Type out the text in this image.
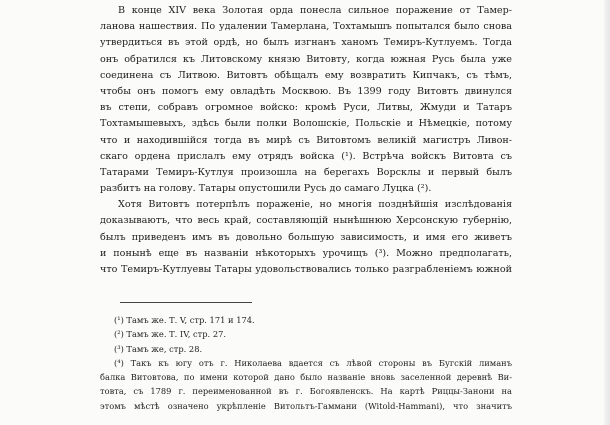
В конце XIV века Золотая орда понесла сильное поражение от Тамер-
ланова нашествия. По удалении Тамерлана, Тохтамышъ попытался было снова
утвердиться въ этой ордѣ, но былъ изгнанъ ханомъ Темиръ-Кутлуемъ. Тогда
онъ обратился къ Литовскому князю Витовту, когда южная Русь была уже
соединена съ Литвою. Витовтъ обѣщалъ ему возвратить Кипчакъ, съ тѣмъ,
чтобы онъ помогъ ему овладѣть Москвою. Въ 1399 году Витовтъ двинулся
въ степи, собравъ огромное войско: кромѣ Руси, Литвы, Жмуди и Татаръ
Тохтамышевыхъ, здѣсь были полки Волошскіе, Польскіе и Нѣмецкіе, потому
что и находившійся тогда въ мирѣ съ Витовтомъ великій магистръ Ливон-
скаго ордена прислалъ ему отрядъ войска (¹). Встрѣча войскъ Витовта съ
Татарами Темиръ-Кутлуя произошла на берегахъ Ворсклы и первый былъ
разбитъ на голову. Татары опустошили Русь до самаго Луцка (²).
Хотя Витовтъ потерпѣлъ пораженіе, но многія позднѣйшія изслѣдованія
доказываютъ, что весь край, составляющій нынѣшнюю Херсонскую губернію,
былъ приведенъ имъ въ довольно большую зависимость, и имя его живетъ
и понынѣ еще въ названіи нѣкоторыхъ урочищъ (³). Можно предполагать,
что Темиръ-Кутлуевы Татары удовольствовались только разграбленіемъ южной
(¹) Тамъ же. Т. V, стр. 171 и 174.
(²) Тамъ же. Т. IV, стр. 27.
(³) Тамъ же, стр. 28.
(⁴) Такъ къ югу отъ г. Николаева вдается съ лѣвой стороны въ Бугскій лиманъ
балка Витовтова, по имени которой дано было названіе вновь заселенной деревнѣ Ви-
товта, съ 1789 г. переименованной въ г. Богоявленскъ. На картѣ Риццы-Занони на
этомъ мѣстѣ означено укрѣпленіе Витольтъ-Гаммани (Witold-Hammani), что значитъ
